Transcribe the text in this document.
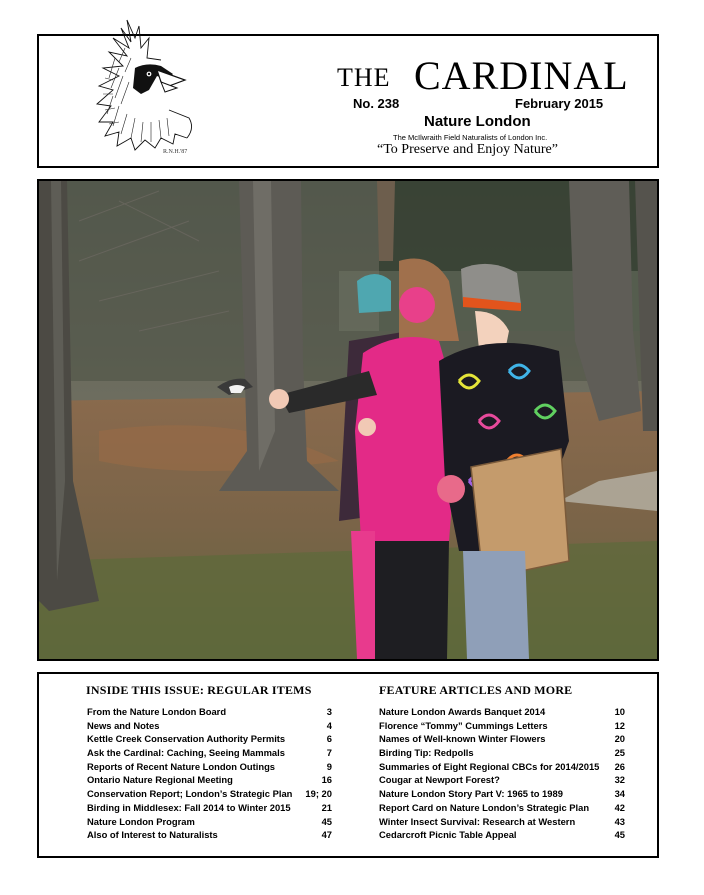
R.N.H.'87
THE CARDINAL
No. 238	February 2015
Nature London
The McIlwraith Field Naturalists of London Inc.
“To Preserve and Enjoy Nature”
INSIDE THIS ISSUE: REGULAR ITEMS	FEATURE ARTICLES AND MORE
From the Nature London Board	3
News and Notes	4
Kettle Creek Conservation Authority Permits	6
Ask the Cardinal: Caching, Seeing Mammals	7
Reports of Recent Nature London Outings	9
Ontario Nature Regional Meeting	16
Conservation Report; London’s Strategic Plan 19; 20
Birding in Middlesex: Fall 2014 to Winter 2015	21
Nature London Program	45
Also of Interest to Naturalists	47
Nature London Awards Banquet 2014	10
Florence “Tommy” Cummings Letters	12
Names of Well-known Winter Flowers	20
Birding Tip: Redpolls	25
Summaries of Eight Regional CBCs for 2014/2015 26
Cougar at Newport Forest?	32
Nature London Story Part V: 1965 to 1989	34
Report Card on Nature London’s Strategic Plan	42
Winter Insect Survival: Research at Western	43
Cedarcroft Picnic Table Appeal	45
